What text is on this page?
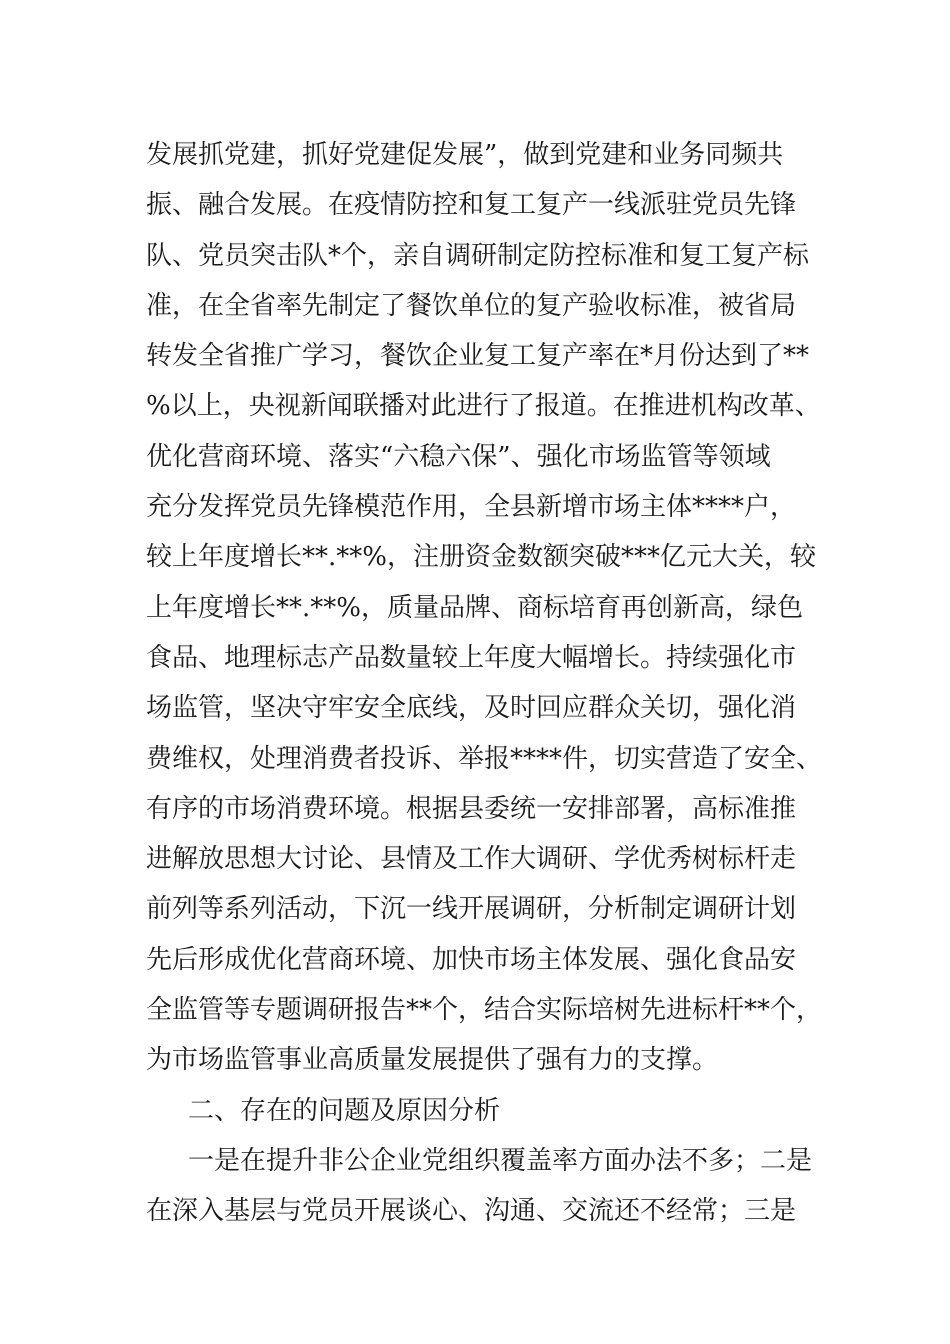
发展抓党建，抓好党建促发展”，做到党建和业务同频共
振、融合发展。在疫情防控和复工复产一线派驻党员先锋
队、党员突击队*个，亲自调研制定防控标准和复工复产标
准，在全省率先制定了餐饮单位的复产验收标准，被省局
转发全省推广学习，餐饮企业复工复产率在*月份达到了**
%以上，央视新闻联播对此进行了报道。在推进机构改革、
优化营商环境、落实“六稳六保”、强化市场监管等领域
充分发挥党员先锋模范作用，全县新增市场主体****户，
较上年度增长**.**%，注册资金数额突破***亿元大关，较
上年度增长**.**%，质量品牌、商标培育再创新高，绿色
食品、地理标志产品数量较上年度大幅增长。持续强化市
场监管，坚决守牢安全底线，及时回应群众关切，强化消
费维权，处理消费者投诉、举报****件，切实营造了安全、
有序的市场消费环境。根据县委统一安排部署，高标准推
进解放思想大讨论、县情及工作大调研、学优秀树标杆走
前列等系列活动，下沉一线开展调研，分析制定调研计划
先后形成优化营商环境、加快市场主体发展、强化食品安
全监管等专题调研报告**个，结合实际培树先进标杆**个，
为市场监管事业高质量发展提供了强有力的支撑。
二、存在的问题及原因分析
一是在提升非公企业党组织覆盖率方面办法不多；二是
在深入基层与党员开展谈心、沟通、交流还不经常；三是
